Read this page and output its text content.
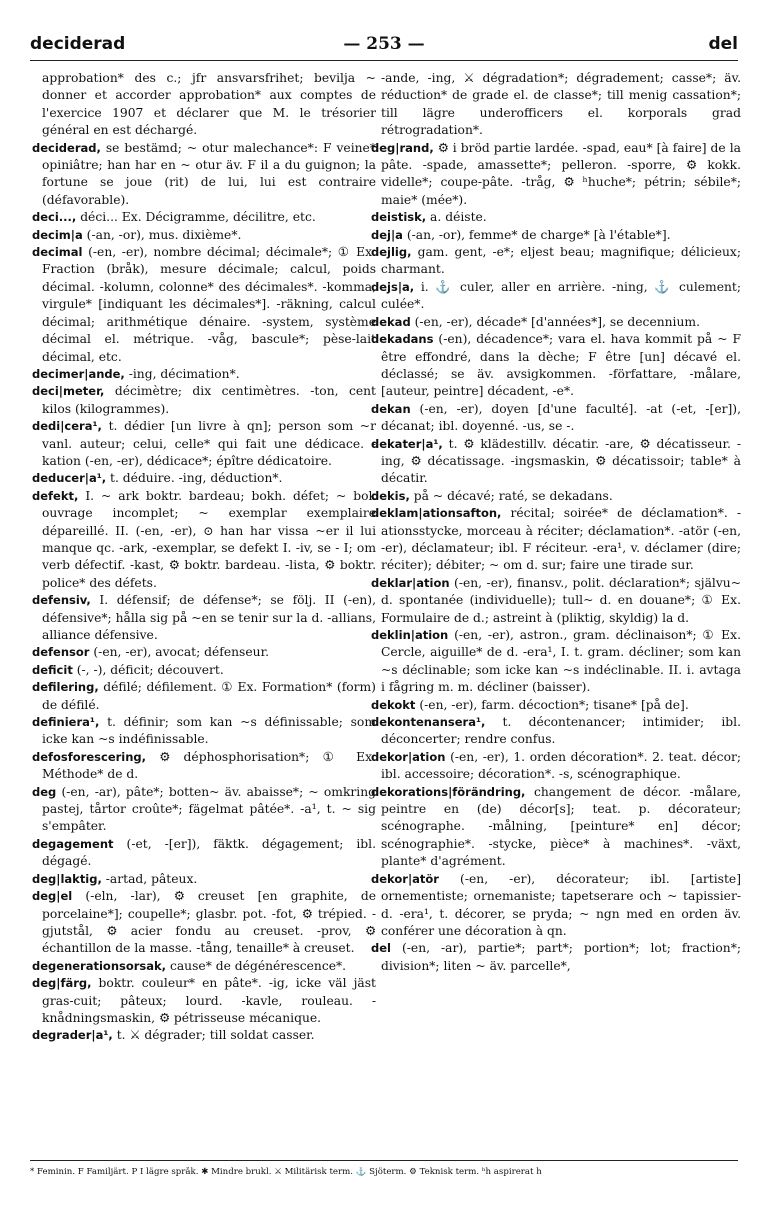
deciderad	— 253 —	del

approbation* des c.; jfr ansvarsfrihet; bevilja ~ donner et accorder approbation* aux comptes de l'exercice 1907 et déclarer que M. le trésorier général en est déchargé.

deciderad, se bestämd; ~ otur malechance*: F veine* opiniâtre; han har en ~ otur äv. F il a du guignon; la fortune se joue (rit) de lui, lui est contraire (défavorable).

deci..., déci... Ex. Décigramme, décilitre, etc.

decim|a (-an, -or), mus. dixième*.

decimal (-en, -er), nombre décimal; décimale*; ① Ex. Fraction (bråk), mesure décimale; calcul, poids décimal. -kolumn, colonne* des décimales*. -komma, virgule* [indiquant les décimales*]. -räkning, calcul décimal; arithmétique dénaire. -system, système décimal el. métrique. -våg, bascule*; pèse-lait décimal, etc.

decimer|ande, -ing, décimation*.

deci|meter, décimètre; dix centimètres. -ton, cent kilos (kilogrammes).

dedi|cera¹, t. dédier [un livre à qn]; person som ~r vanl. auteur; celui, celle* qui fait une dédicace. -kation (-en, -er), dédicace*; épître dédicatoire.

deducer|a¹, t. déduire. -ing, déduction*.

defekt, I. ~ ark boktr. bardeau; bokh. défet; ~ bok ouvrage incomplet; ~ exemplar exemplaire dépareillé. II. (-en, -er), ⊙ han har vissa ~er il lui manque qc. -ark, -exemplar, se defekt I. -iv, se - I; om verb défectif. -kast, ⚙ boktr. bardeau. -lista, ⚙ boktr. police* des défets.

defensiv, I. défensif; de défense*; se följ. II (-en), défensive*; hålla sig på ~en se tenir sur la d. -allians, alliance défensive.

defensor (-en, -er), avocat; défenseur.

deficit (-, -), déficit; découvert.

defilering, défilé; défilement. ① Ex. Formation* (form) de défilé.

definiera¹, t. définir; som kan ~s définissable; som icke kan ~s indéfinissable.

defosforescering, ⚙ déphosphorisation*; ① Ex. Méthode* de d.

deg (-en, -ar), pâte*; botten~ äv. abaisse*; ~ omkring pastej, tårtor croûte*; fägelmat pâtée*. -a¹, t. ~ sig s'empâter.

degagement (-et, -[er]), fäktk. dégagement; ibl. dégagé.

deg|laktig, -artad, pâteux.

deg|el (-eln, -lar), ⚙ creuset [en graphite, de porcelaine*]; coupelle*; glasbr. pot. -fot, ⚙ trépied. -gjutstål, ⚙ acier fondu au creuset. -prov, ⚙ échantillon de la masse. -tång, tenaille* à creuset.

degenerationsorsak, cause* de dégénérescence*.

deg|färg, boktr. couleur* en pâte*. -ig, icke väl jäst gras-cuit; pâteux; lourd. -kavle, rouleau. -knådningsmaskin, ⚙ pétrisseuse mécanique.

degrader|a¹, t. ⚔ dégrader; till soldat casser.

-ande, -ing, ⚔ dégradation*; dégradement; casse*; äv. réduction* de grade el. de classe*; till menig cassation*; till lägre underofficers el. korporals grad rétrogradation*.

deg|rand, ⚙ i bröd partie lardée. -spad, eau* [à faire] de la pâte. -spade, amassette*; pelleron. -sporre, ⚙ kokk. videlle*; coupe-pâte. -tråg, ⚙ ʰhuche*; pétrin; sébile*; maie* (mée*).

deistisk, a. déiste.

dej|a (-an, -or), femme* de charge* [à l'étable*].

dejlig, gam. gent, -e*; eljest beau; magnifique; délicieux; charmant.

dejs|a, i. ⚓ culer, aller en arrière. -ning, ⚓ culement; culée*.

dekad (-en, -er), décade* [d'années*], se decennium.

dekadans (-en), décadence*; vara el. hava kommit på ~ F être effondré, dans la dèche; F être [un] décavé el. déclassé; se äv. avsigkommen. -författare, -målare, [auteur, peintre] décadent, -e*.

dekan (-en, -er), doyen [d'une faculté]. -at (-et, -[er]), décanat; ibl. doyenné. -us, se -.

dekater|a¹, t. ⚙ klädestillv. décatir. -are, ⚙ décatisseur. -ing, ⚙ décatissage. -ingsmaskin, ⚙ décatissoir; table* à décatir.

dekis, på ~ décavé; raté, se dekadans.

deklam|ationsafton, récital; soirée* de déclamation*. -ationsstycke, morceau à réciter; déclamation*. -atör (-en, -er), déclamateur; ibl. F réciteur. -era¹, v. déclamer (dire; réciter); débiter; ~ om d. sur; faire une tirade sur.

deklar|ation (-en, -er), finansv., polit. déclaration*; självu~ d. spontanée (individuelle); tull~ d. en douane*; ① Ex. Formulaire de d.; astreint à (pliktig, skyldig) la d.

deklin|ation (-en, -er), astron., gram. déclinaison*; ① Ex. Cercle, aiguille* de d. -era¹, I. t. gram. décliner; som kan ~s déclinable; som icke kan ~s indéclinable. II. i. avtaga i fågring m. m. décliner (baisser).

dekokt (-en, -er), farm. décoction*; tisane* [på de].

dekontenansera¹, t. décontenancer; intimider; ibl. déconcerter; rendre confus.

dekor|ation (-en, -er), 1. orden décoration*. 2. teat. décor; ibl. accessoire; décoration*. -s, scénographique.

dekorations|förändring, changement de décor. -målare, peintre en (de) décor[s]; teat. p. décorateur; scénographe. -målning, [peinture* en] décor; scénographie*. -stycke, pièce* à machines*. -växt, plante* d'agrément.

dekor|atör (-en, -er), décorateur; ibl. [artiste] ornementiste; ornemaniste; tapetserare och ~ tapissier-d. -era¹, t. décorer, se pryda; ~ ngn med en orden äv. conférer une décoration à qn.

del (-en, -ar), partie*; part*; portion*; lot; fraction*; division*; liten ~ äv. parcelle*,

* Feminin. F Familjärt. P I lägre språk. ✱ Mindre brukl. ⚔ Militärisk term. ⚓ Sjöterm. ⚙ Teknisk term. ʰh aspirerat h
